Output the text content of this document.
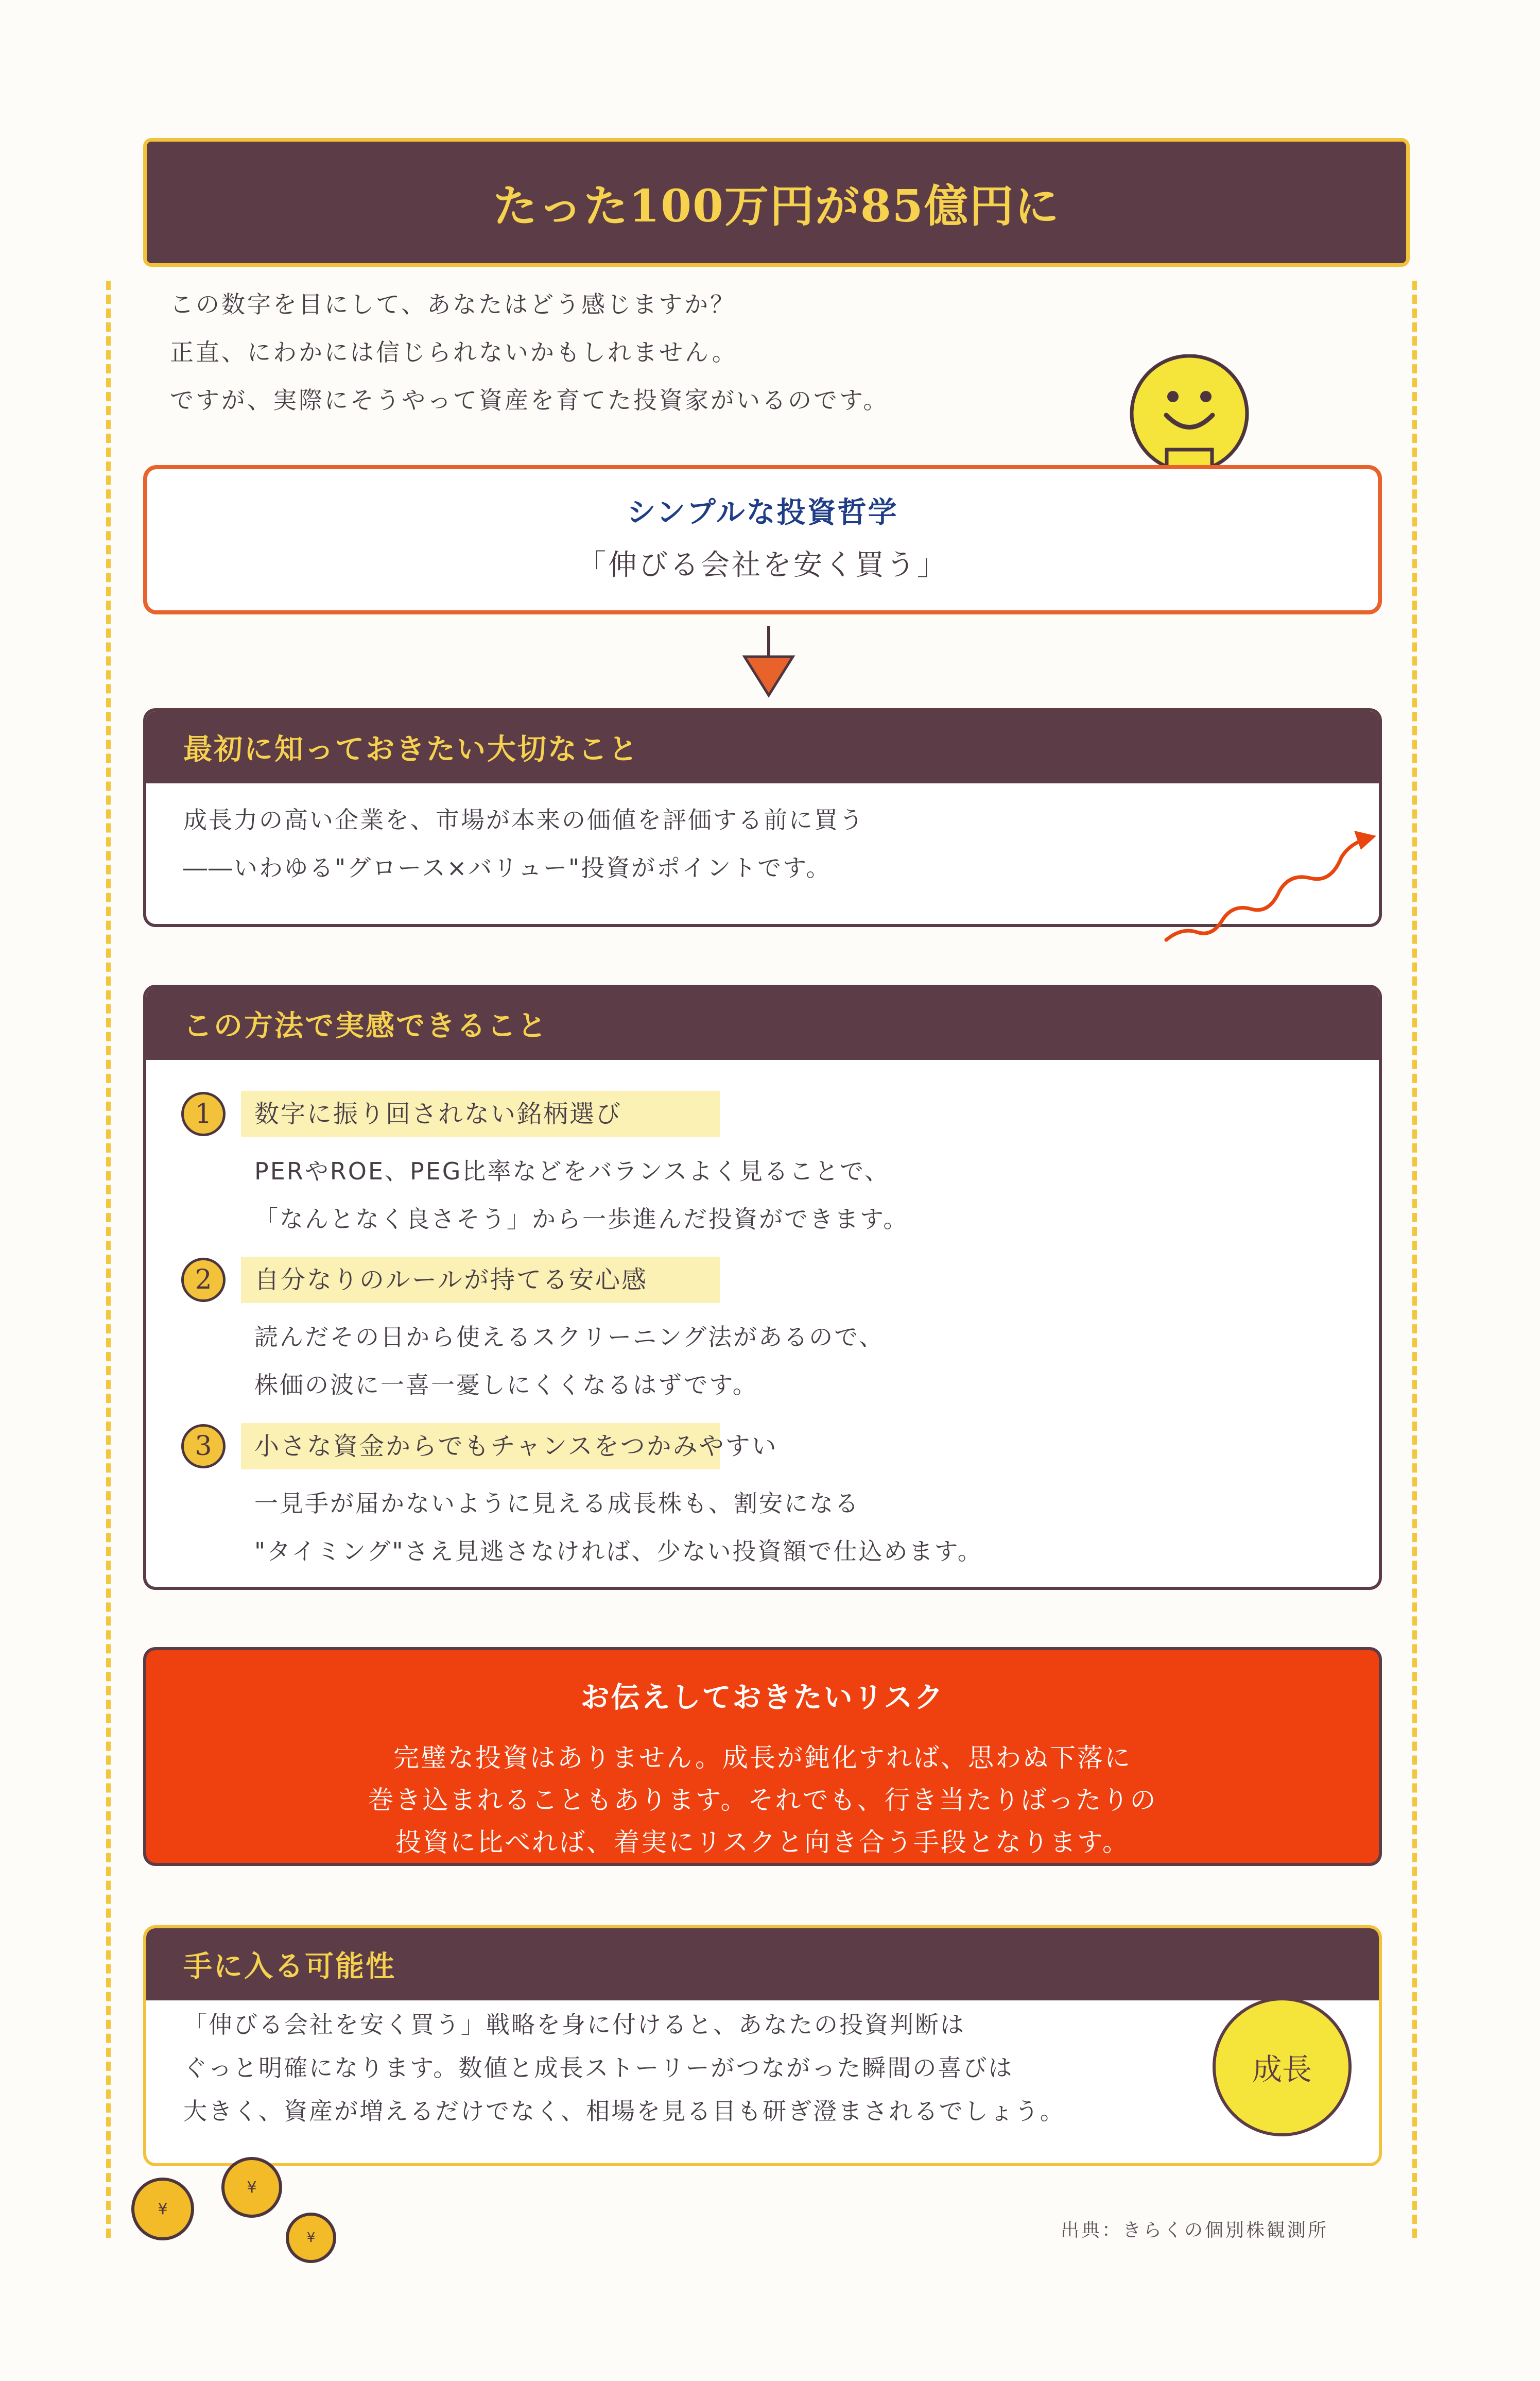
たった100万円が85億円に
この数字を目にして、あなたはどう感じますか？
正直、にわかには信じられないかもしれません。
ですが、実際にそうやって資産を育てた投資家がいるのです。
シンプルな投資哲学
「伸びる会社を安く買う」
最初に知っておきたい大切なこと
成長力の高い企業を、市場が本来の価値を評価する前に買う
――いわゆる"グロース×バリュー"投資がポイントです。
この方法で実感できること
1	数字に振り回されない銘柄選び
PERやROE、PEG比率などをバランスよく見ることで、
「なんとなく良さそう」から一歩進んだ投資ができます。
2	自分なりのルールが持てる安心感
読んだその日から使えるスクリーニング法があるので、
株価の波に一喜一憂しにくくなるはずです。
3	小さな資金からでもチャンスをつかみやすい
一見手が届かないように見える成長株も、割安になる
"タイミング"さえ見逃さなければ、少ない投資額で仕込めます。
お伝えしておきたいリスク
完璧な投資はありません。成長が鈍化すれば、思わぬ下落に
巻き込まれることもあります。それでも、行き当たりばったりの
投資に比べれば、着実にリスクと向き合う手段となります。
手に入る可能性
「伸びる会社を安く買う」戦略を身に付けると、あなたの投資判断は
ぐっと明確になります。数値と成長ストーリーがつながった瞬間の喜びは
大きく、資産が増えるだけでなく、相場を見る目も研ぎ澄まされるでしょう。
成長
¥
¥
¥	出典：きらくの個別株観測所
